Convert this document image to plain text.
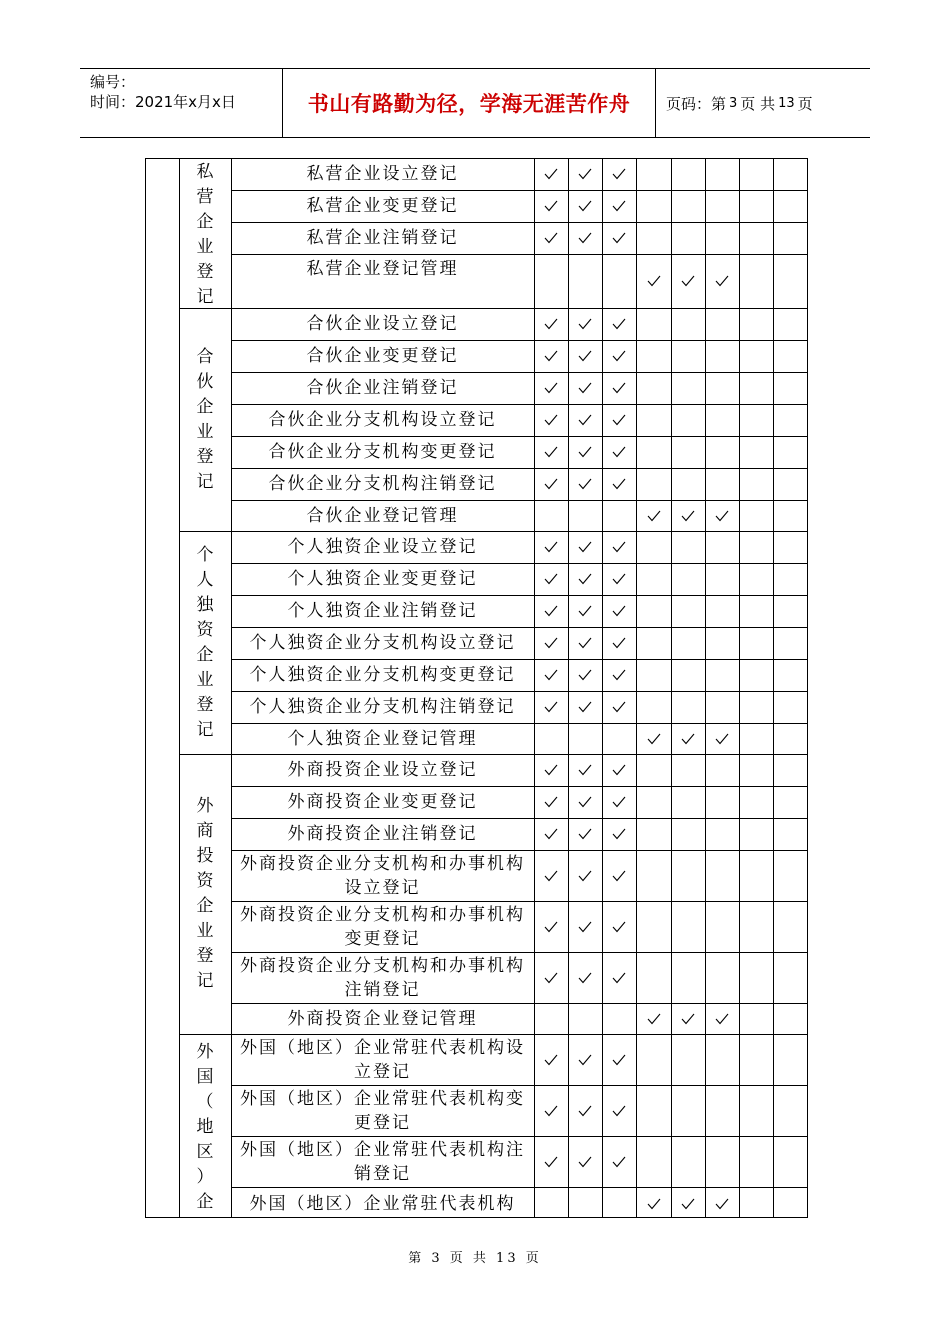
编号：
时间：2021年x月x日	书山有路勤为径，学海无涯苦作舟 页码：第 3 页 共 13 页
私营企业设立登记
私营企业变更登记
私营企业注销登记
私营企业登记管理
私
营
企
业
登
记
合伙企业设立登记
合伙企业变更登记
合伙企业注销登记
合伙企业分支机构设立登记
合伙企业分支机构变更登记
合伙企业分支机构注销登记
合伙企业登记管理
合
伙
企
业
登
记
个人独资企业设立登记
个人独资企业变更登记
个人独资企业注销登记
个人独资企业分支机构设立登记
个人独资企业分支机构变更登记
个人独资企业分支机构注销登记
个人独资企业登记管理
个
人
独
资
企
业
登
记
外商投资企业设立登记
外商投资企业变更登记
外商投资企业注销登记
外商投资企业分支机构和办事机构设立登记
外商投资企业分支机构和办事机构变更登记
外商投资企业分支机构和办事机构注销登记
外商投资企业登记管理
外
商
投
资
企
业
登
记
外国（地区）企业常驻代表机构设立登记
外国（地区）企业常驻代表机构变更登记
外国（地区）企业常驻代表机构注销登记
外国（地区）企业常驻代表机构
外
国
（
地
区
）
企
第 3 页 共 13 页
